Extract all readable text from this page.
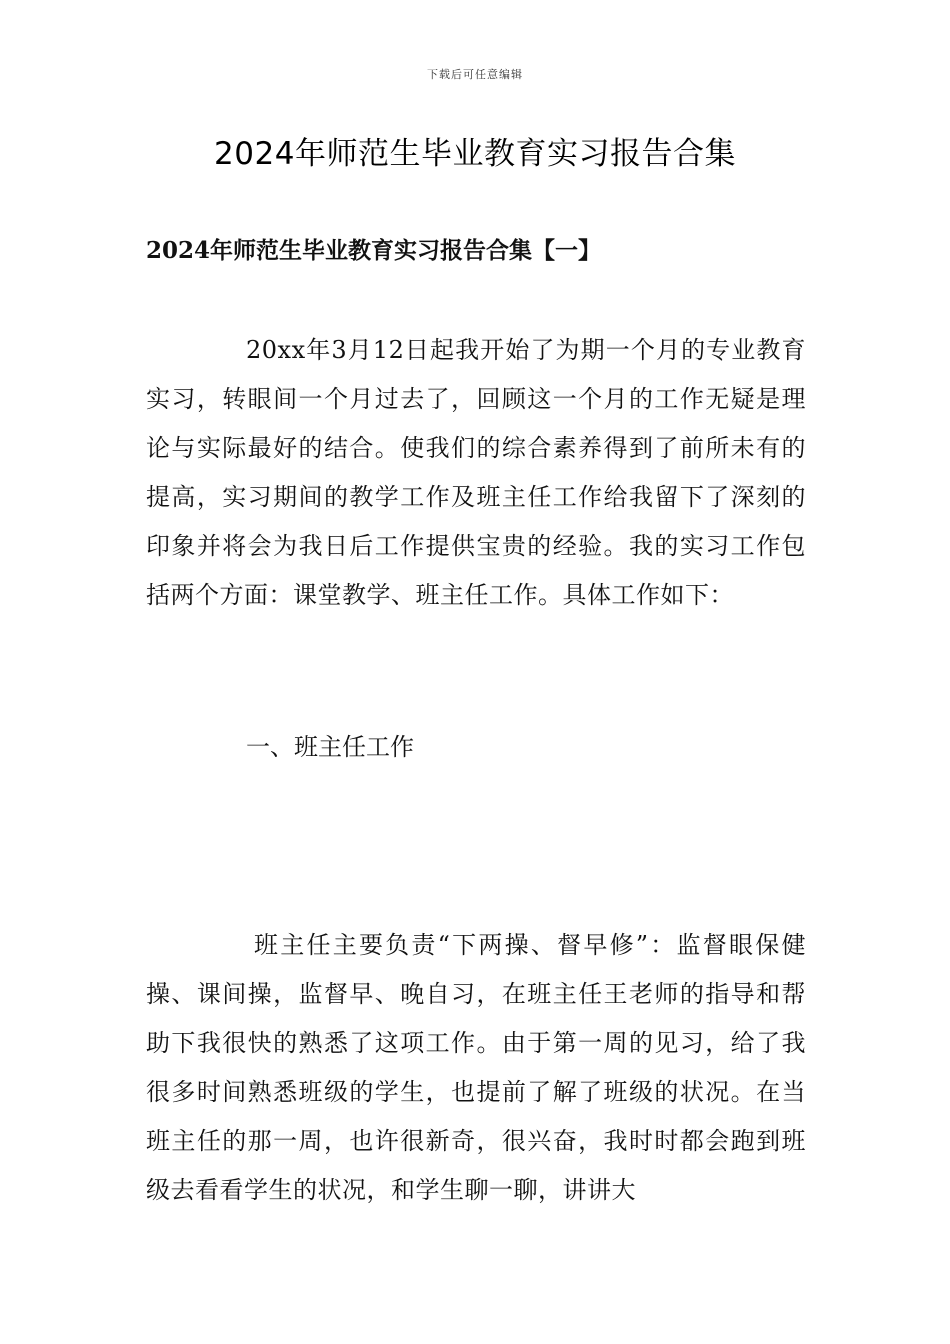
下载后可任意编辑
2024年师范生毕业教育实习报告合集
2024年师范生毕业教育实习报告合集【一】

20xx年3月12日起我开始了为期一个月的专业教育实习，转眼间一个月过去了，回顾这一个月的工作无疑是理论与实际最好的结合。使我们的综合素养得到了前所未有的提高，实习期间的教学工作及班主任工作给我留下了深刻的印象并将会为我日后工作提供宝贵的经验。我的实习工作包括两个方面：课堂教学、班主任工作。具体工作如下：

一、班主任工作

班主任主要负责“下两操、督早修”：监督眼保健操、课间操，监督早、晚自习，在班主任王老师的指导和帮助下我很快的熟悉了这项工作。由于第一周的见习，给了我很多时间熟悉班级的学生，也提前了解了班级的状况。在当班主任的那一周，也许很新奇，很兴奋，我时时都会跑到班级去看看学生的状况，和学生聊一聊，讲讲大
